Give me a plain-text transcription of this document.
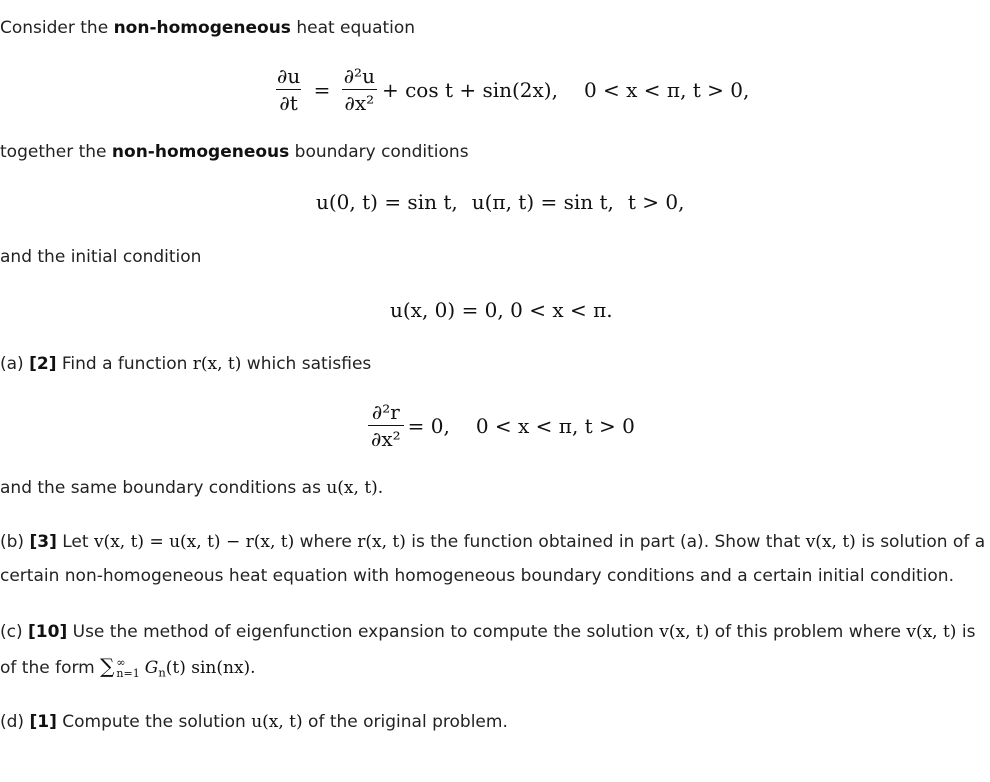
Consider the non-homogeneous heat equation

$\frac{\partial u}{\partial t} = \frac{\text{∂²u}}{\text{∂x²}} + \cos t + \sin(2x)$, 0 < x < π, t > 0,

together the non-homogeneous boundary conditions

u(0, t) = sin t, u(π, t) = sin t, t > 0,

and the initial condition

u(x, 0) = 0, 0 < x < π.

(a) [2] Find a function r(x, t) which satisfies

$\frac{\text{∂²r}}{\text{∂x²}} = 0$, 0 < x < π, t > 0

and the same boundary conditions as u(x, t).

(b) [3] Let v(x, t) = u(x, t) − r(x, t) where r(x, t) is the function obtained in part (a). Show that v(x, t) is solution of a certain non-homogeneous heat equation with homogeneous boundary conditions and a certain initial condition.

(c) [10] Use the method of eigenfunction expansion to compute the solution v(x, t) of this problem where v(x, t) is of the form ∑ ∞
n=1 $G_n(t)$ sin(nx).

(d) [1] Compute the solution u(x, t) of the original problem.
